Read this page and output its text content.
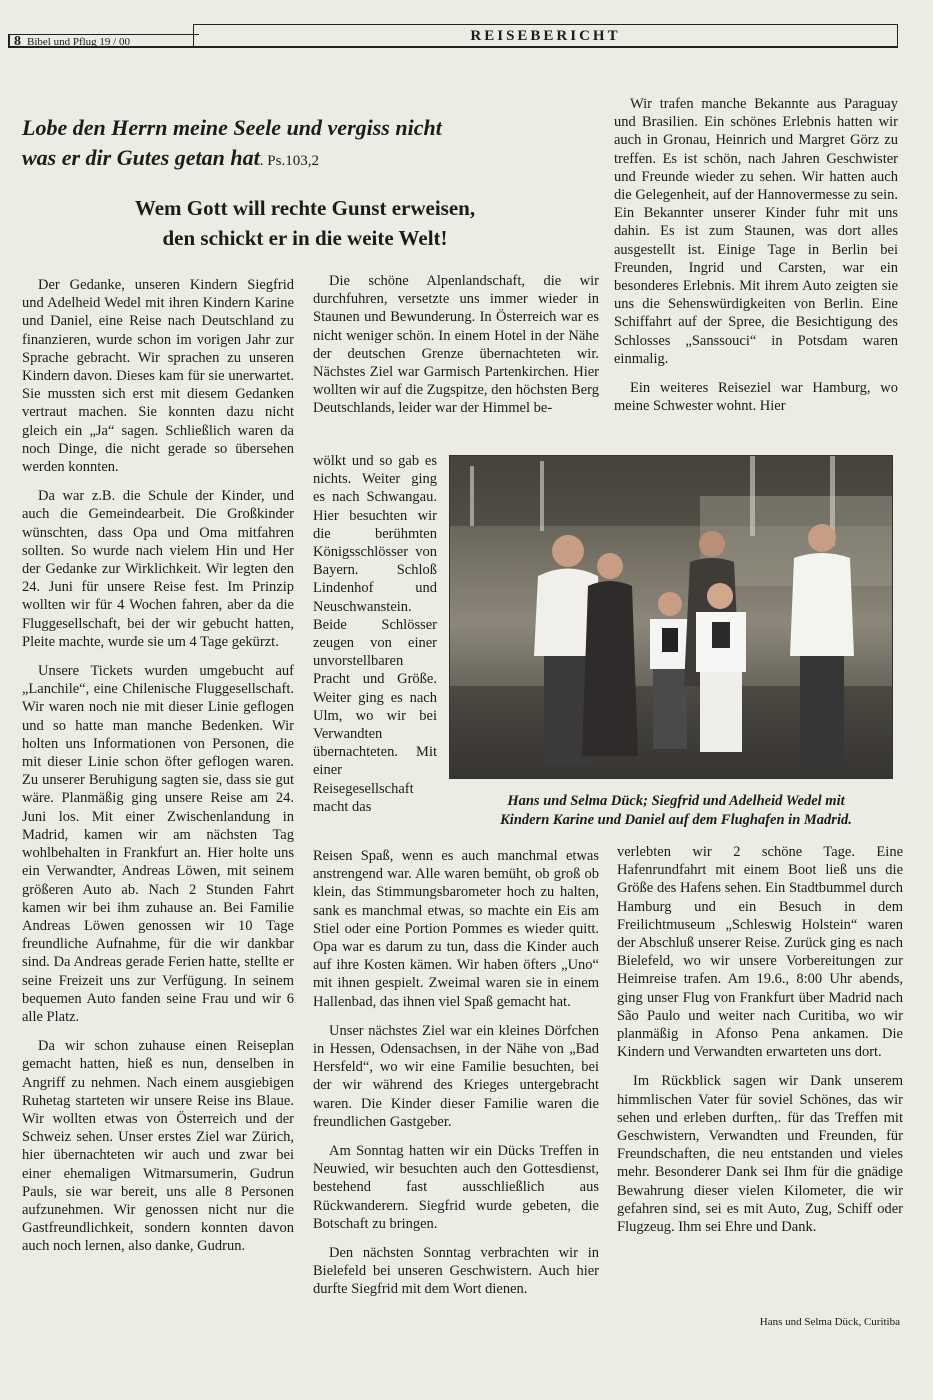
8 Bibel und Pflug 19 / 00	REISEBERICHT
Lobe den Herrn meine Seele und vergiss nicht
was er dir Gutes getan hat. Ps.103,2
Wem Gott will rechte Gunst erweisen,
den schickt er in die weite Welt!

Der Gedanke, unseren Kindern Siegfrid und Adelheid Wedel mit ihren Kindern Karine und Daniel, eine Reise nach Deutschland zu finanzieren, wurde schon im vorigen Jahr zur Sprache gebracht. Wir sprachen zu unseren Kindern davon. Dieses kam für sie unerwartet. Sie mussten sich erst mit diesem Gedanken vertraut machen. Sie konnten dazu nicht gleich ein „Ja“ sagen. Schließlich waren da noch Dinge, die nicht gerade so übersehen werden konnten.

Da war z.B. die Schule der Kinder, und auch die Gemeindearbeit. Die Großkinder wünschten, dass Opa und Oma mitfahren sollten. So wurde nach vielem Hin und Her der Gedanke zur Wirklichkeit. Wir legten den 24. Juni für unsere Reise fest. Im Prinzip wollten wir für 4 Wochen fahren, aber da die Fluggesellschaft, bei der wir gebucht hatten, Pleite machte, wurde sie um 4 Tage gekürzt.

Unsere Tickets wurden umgebucht auf „Lanchile“, eine Chilenische Fluggesellschaft. Wir waren noch nie mit dieser Linie geflogen und so hatte man manche Bedenken. Wir holten uns Informationen von Personen, die mit dieser Linie schon öfter geflogen waren. Zu unserer Beruhigung sagten sie, dass sie gut wäre. Planmäßig ging unsere Reise am 24. Juni los. Mit einer Zwischenlandung in Madrid, kamen wir am nächsten Tag wohlbehalten in Frankfurt an. Hier holte uns ein Verwandter, Andreas Löwen, mit seinem größeren Auto ab. Nach 2 Stunden Fahrt kamen wir bei ihm zuhause an. Bei Familie Andreas Löwen genossen wir 10 Tage freundliche Aufnahme, für die wir dankbar sind. Da Andreas gerade Ferien hatte, stellte er seine Freizeit uns zur Verfügung. In seinem bequemen Auto fanden seine Frau und wir 6 alle Platz.

Da wir schon zuhause einen Reiseplan gemacht hatten, hieß es nun, denselben in Angriff zu nehmen. Nach einem ausgiebigen Ruhetag starteten wir unsere Reise ins Blaue. Wir wollten etwas von Österreich und der Schweiz sehen. Unser erstes Ziel war Zürich, hier übernachteten wir auch und zwar bei einer ehemaligen Witmarsumerin, Gudrun Pauls, sie war bereit, uns alle 8 Personen aufzunehmen. Wir genossen nicht nur die Gastfreundlichkeit, sondern konnten davon auch noch lernen, also danke, Gudrun.

Die schöne Alpenlandschaft, die wir durchfuhren, versetzte uns immer wieder in Staunen und Bewunderung. In Österreich war es nicht weniger schön. In einem Hotel in der Nähe der deutschen Grenze übernachteten wir. Nächstes Ziel war Garmisch Partenkirchen. Hier wollten wir auf die Zugspitze, den höchsten Berg Deutschlands, leider war der Himmel be-

wölkt und so gab es nichts. Weiter ging es nach Schwangau. Hier besuchten wir die berühmten Königsschlösser von Bayern. Schloß Lindenhof und Neuschwanstein. Beide Schlösser zeugen von einer unvorstellbaren Pracht und Größe. Weiter ging es nach Ulm, wo wir bei Verwandten übernachteten. Mit einer Reisegesellschaft macht das

Reisen Spaß, wenn es auch manchmal etwas anstrengend war. Alle waren bemüht, ob groß ob klein, das Stimmungsbarometer hoch zu halten, sank es manchmal etwas, so machte ein Eis am Stiel oder eine Portion Pommes es wieder quitt. Opa war es darum zu tun, dass die Kinder auch auf ihre Kosten kämen. Wir haben öfters „Uno“ mit ihnen gespielt. Zweimal waren sie in einem Hallenbad, das ihnen viel Spaß gemacht hat.

Unser nächstes Ziel war ein kleines Dörfchen in Hessen, Odensachsen, in der Nähe von „Bad Hersfeld“, wo wir eine Familie besuchten, bei der wir während des Krieges untergebracht waren. Die Kinder dieser Familie waren die freundlichen Gastgeber.

Am Sonntag hatten wir ein Dücks Treffen in Neuwied, wir besuchten auch den Gottesdienst, bestehend fast ausschließlich aus Rückwanderern. Siegfrid wurde gebeten, die Botschaft zu bringen.

Den nächsten Sonntag verbrachten wir in Bielefeld bei unseren Geschwistern. Auch hier durfte Siegfrid mit dem Wort dienen.

Wir trafen manche Bekannte aus Paraguay und Brasilien. Ein schönes Erlebnis hatten wir auch in Gronau, Heinrich und Margret Görz zu treffen. Es ist schön, nach Jahren Geschwister und Freunde wieder zu sehen. Wir hatten auch die Gelegenheit, auf der Hannovermesse zu sein. Ein Bekannter unserer Kinder fuhr mit uns dahin. Es ist zum Staunen, was dort alles ausgestellt ist. Einige Tage in Berlin bei Freunden, Ingrid und Carsten, war ein besonderes Erlebnis. Mit ihrem Auto zeigten sie uns die Sehenswürdigkeiten von Berlin. Eine Schiffahrt auf der Spree, die Besichtigung des Schlosses „Sanssouci“ in Potsdam waren einmalig.

Ein weiteres Reiseziel war Hamburg, wo meine Schwester wohnt. Hier

Hans und Selma Dück; Siegfrid und Adelheid Wedel mit
Kindern Karine und Daniel auf dem Flughafen in Madrid.

verlebten wir 2 schöne Tage. Eine Hafenrundfahrt mit einem Boot ließ uns die Größe des Hafens sehen. Ein Stadtbummel durch Hamburg und ein Besuch in dem Freilichtmuseum „Schleswig Holstein“ waren der Abschluß unserer Reise. Zurück ging es nach Bielefeld, wo wir unsere Vorbereitungen zur Heimreise trafen. Am 19.6., 8:00 Uhr abends, ging unser Flug von Frankfurt über Madrid nach São Paulo und weiter nach Curitiba, wo wir planmäßig in Afonso Pena ankamen. Die Kindern und Verwandten erwarteten uns dort.

Im Rückblick sagen wir Dank unserem himmlischen Vater für soviel Schönes, das wir sehen und erleben durften,. für das Treffen mit Geschwistern, Verwandten und Freunden, für Freundschaften, die neu entstanden und vieles mehr. Besonderer Dank sei Ihm für die gnädige Bewahrung dieser vielen Kilometer, die wir gefahren sind, sei es mit Auto, Zug, Schiff oder Flugzeug. Ihm sei Ehre und Dank.

Hans und Selma Dück, Curitiba
